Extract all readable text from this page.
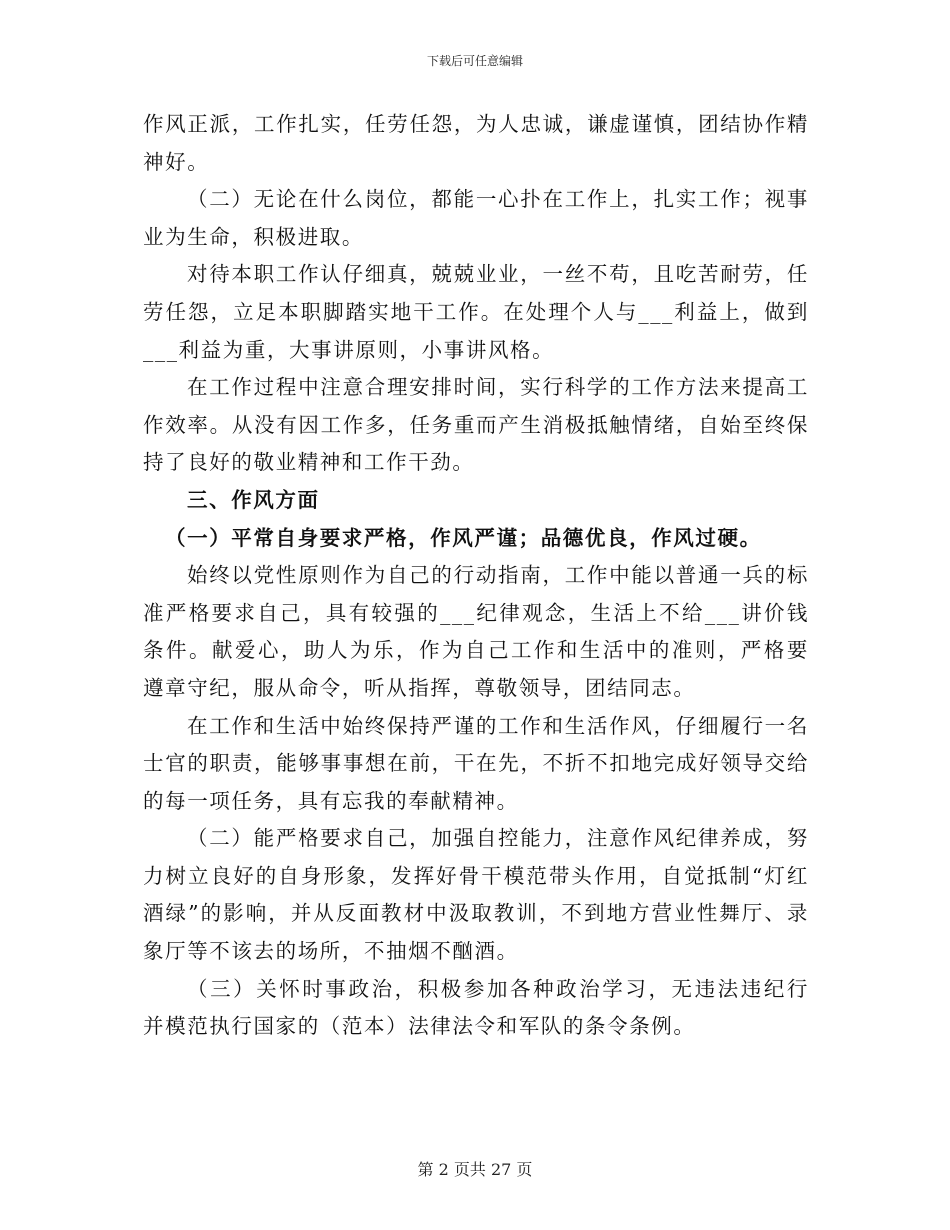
下载后可任意编辑
作风正派，工作扎实，任劳任怨，为人忠诚，谦虚谨慎，团结协作精
神好。
（二）无论在什么岗位，都能一心扑在工作上，扎实工作；视事
业为生命，积极进取。
对待本职工作认仔细真，兢兢业业，一丝不苟，且吃苦耐劳，任
劳任怨，立足本职脚踏实地干工作。在处理个人与___利益上，做到
___利益为重，大事讲原则，小事讲风格。
在工作过程中注意合理安排时间，实行科学的工作方法来提高工
作效率。从没有因工作多，任务重而产生消极抵触情绪，自始至终保
持了良好的敬业精神和工作干劲。
三、作风方面
（一）平常自身要求严格，作风严谨；品德优良，作风过硬。
始终以党性原则作为自己的行动指南，工作中能以普通一兵的标
准严格要求自己，具有较强的___纪律观念，生活上不给___讲价钱
条件。献爱心，助人为乐，作为自己工作和生活中的准则，严格要
遵章守纪，服从命令，听从指挥，尊敬领导，团结同志。
在工作和生活中始终保持严谨的工作和生活作风，仔细履行一名
士官的职责，能够事事想在前，干在先，不折不扣地完成好领导交给
的每一项任务，具有忘我的奉献精神。
（二）能严格要求自己，加强自控能力，注意作风纪律养成，努
力树立良好的自身形象，发挥好骨干模范带头作用，自觉抵制“灯红
酒绿”的影响，并从反面教材中汲取教训，不到地方营业性舞厅、录
象厅等不该去的场所，不抽烟不酗酒。
（三）关怀时事政治，积极参加各种政治学习，无违法违纪行
并模范执行国家的（范本）法律法令和军队的条令条例。
第 2 页共 27 页
